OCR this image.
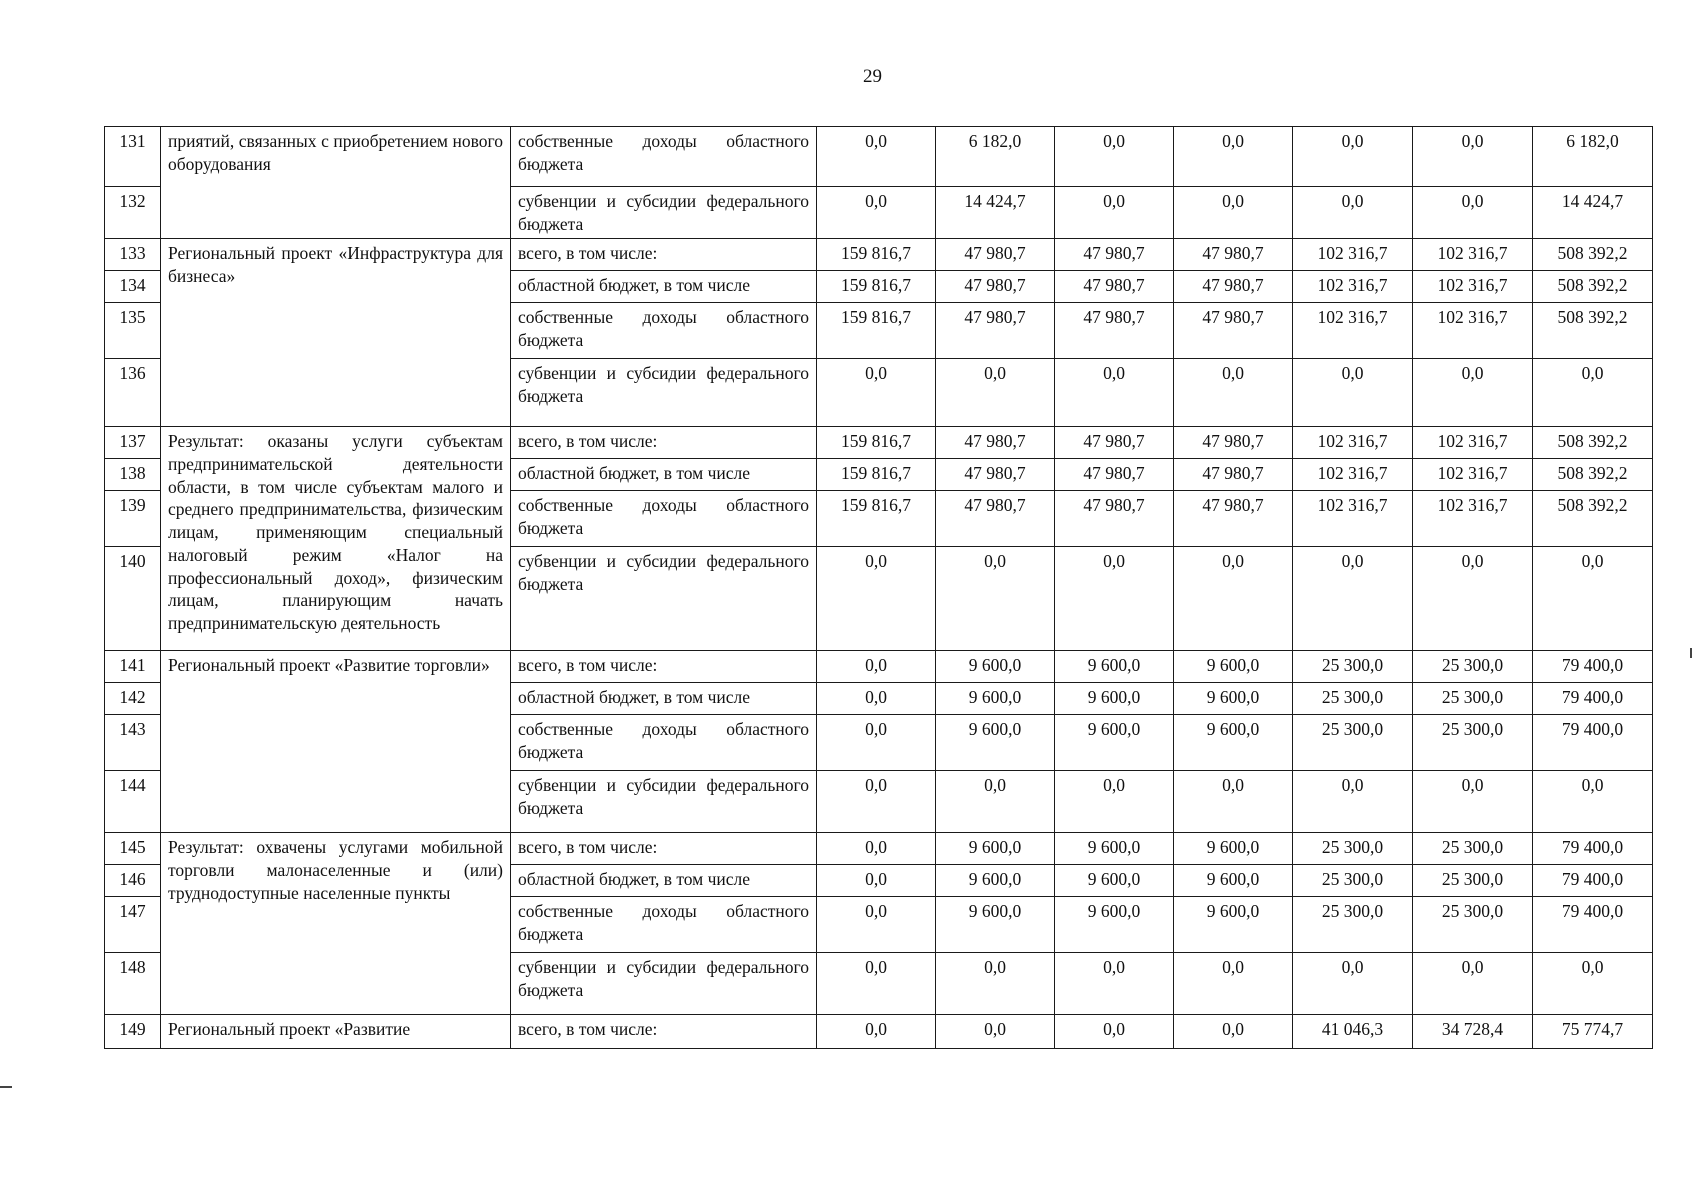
29
131	приятий, связанных с приобретением нового оборудования	собственные доходы областного бюджета	0,0	6 182,0	0,0	0,0	0,0	0,0	6 182,0
132		субвенции и субсидии федерального бюджета	0,0	14 424,7	0,0	0,0	0,0	0,0	14 424,7
133	Региональный проект «Инфраструктура для бизнеса»	всего, в том числе:	159 816,7	47 980,7	47 980,7	47 980,7	102 316,7	102 316,7	508 392,2
134		областной бюджет, в том числе	159 816,7	47 980,7	47 980,7	47 980,7	102 316,7	102 316,7	508 392,2
135		собственные доходы областного бюджета	159 816,7	47 980,7	47 980,7	47 980,7	102 316,7	102 316,7	508 392,2
136		субвенции и субсидии федерального бюджета	0,0	0,0	0,0	0,0	0,0	0,0	0,0
137	Результат: оказаны услуги субъектам предпринимательской деятельности области, в том числе субъектам малого и среднего предпринимательства, физическим лицам, применяющим специальный налоговый режим «Налог на профессиональный доход», физическим лицам, планирующим начать предпринимательскую деятельность	всего, в том числе:	159 816,7	47 980,7	47 980,7	47 980,7	102 316,7	102 316,7	508 392,2
138		областной бюджет, в том числе	159 816,7	47 980,7	47 980,7	47 980,7	102 316,7	102 316,7	508 392,2
139		собственные доходы областного бюджета	159 816,7	47 980,7	47 980,7	47 980,7	102 316,7	102 316,7	508 392,2
140		субвенции и субсидии федерального бюджета	0,0	0,0	0,0	0,0	0,0	0,0	0,0
141	Региональный проект «Развитие торговли»	всего, в том числе:	0,0	9 600,0	9 600,0	9 600,0	25 300,0	25 300,0	79 400,0
142		областной бюджет, в том числе	0,0	9 600,0	9 600,0	9 600,0	25 300,0	25 300,0	79 400,0
143		собственные доходы областного бюджета	0,0	9 600,0	9 600,0	9 600,0	25 300,0	25 300,0	79 400,0
144		субвенции и субсидии федерального бюджета	0,0	0,0	0,0	0,0	0,0	0,0	0,0
145	Результат: охвачены услугами мобильной торговли малонаселенные и (или) труднодоступные населенные пункты	всего, в том числе:	0,0	9 600,0	9 600,0	9 600,0	25 300,0	25 300,0	79 400,0
146		областной бюджет, в том числе	0,0	9 600,0	9 600,0	9 600,0	25 300,0	25 300,0	79 400,0
147		собственные доходы областного бюджета	0,0	9 600,0	9 600,0	9 600,0	25 300,0	25 300,0	79 400,0
148		субвенции и субсидии федерального бюджета	0,0	0,0	0,0	0,0	0,0	0,0	0,0
149	Региональный проект «Развитие	всего, в том числе:	0,0	0,0	0,0	0,0	41 046,3	34 728,4	75 774,7
